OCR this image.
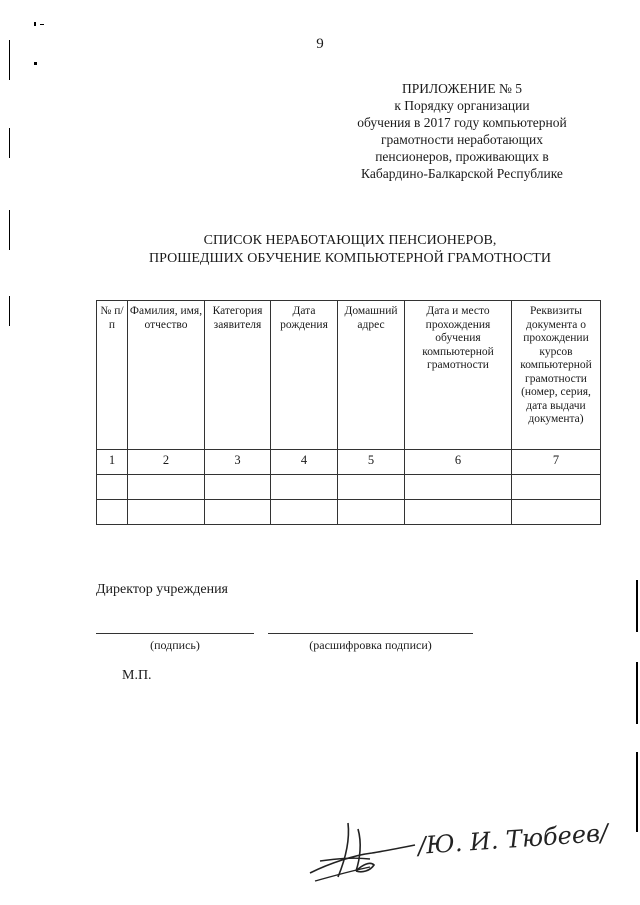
9
ПРИЛОЖЕНИЕ № 5
к Порядку организации
обучения в 2017 году компьютерной
грамотности неработающих
пенсионеров, проживающих в
Кабардино-Балкарской Республике
СПИСОК НЕРАБОТАЮЩИХ ПЕНСИОНЕРОВ,
ПРОШЕДШИХ ОБУЧЕНИЕ КОМПЬЮТЕРНОЙ ГРАМОТНОСТИ
№ п/п	Фамилия, имя, отчество	Категория заявителя	Дата рождения	Домашний адрес	Дата и место прохождения обучения компьютерной грамотности	Реквизиты документа о прохождении курсов компьютерной грамотности (номер, серия, дата выдачи документа)
1	2	3	4	5	6	7

Директор учреждения
(подпись)	(расшифровка подписи)
М.П.
/Ю. И. Тюбеев/
